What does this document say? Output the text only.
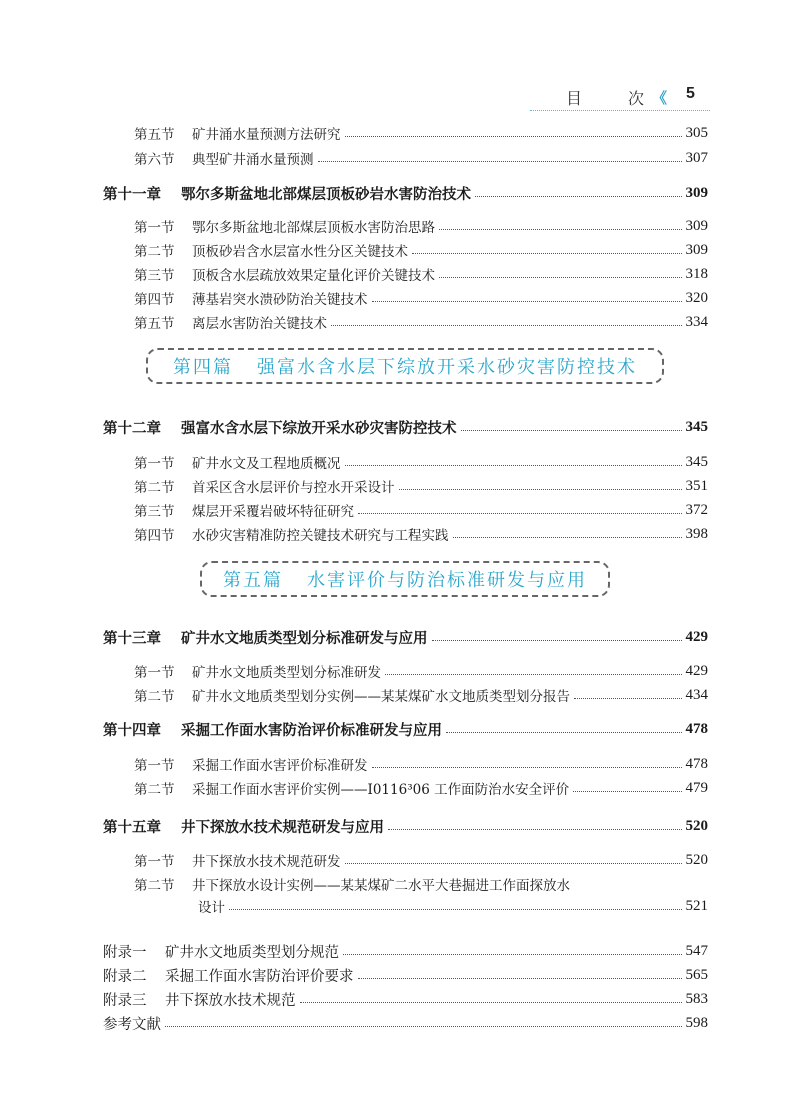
目	次 《 5
第五节	矿井涌水量预测方法研究	305
第六节	典型矿井涌水量预测	307
第十一章	鄂尔多斯盆地北部煤层顶板砂岩水害防治技术	309
第一节	鄂尔多斯盆地北部煤层顶板水害防治思路	309
第二节	顶板砂岩含水层富水性分区关键技术	309
第三节	顶板含水层疏放效果定量化评价关键技术	318
第四节	薄基岩突水溃砂防治关键技术	320
第五节	离层水害防治关键技术	334
第十二章	强富水含水层下综放开采水砂灾害防控技术	345
第一节	矿井水文及工程地质概况	345
第二节	首采区含水层评价与控水开采设计	351
第三节	煤层开采覆岩破坏特征研究	372
第四节	水砂灾害精准防控关键技术研究与工程实践	398
第十三章	矿井水文地质类型划分标准研发与应用	429
第一节	矿井水文地质类型划分标准研发	429
第二节	矿井水文地质类型划分实例——某某煤矿水文地质类型划分报告	434
第十四章	采掘工作面水害防治评价标准研发与应用	478
第一节	采掘工作面水害评价标准研发	478
第二节	采掘工作面水害评价实例——Ⅰ0116³06 工作面防治水安全评价	479
第十五章	井下探放水技术规范研发与应用	520
第一节	井下探放水技术规范研发	520
第二节	井下探放水设计实例——某某煤矿二水平大巷掘进工作面探放水
设计	521
附录一	矿井水文地质类型划分规范	547
附录二	采掘工作面水害防治评价要求	565
附录三	井下探放水技术规范	583
参考文献	598
第四篇 强富水含水层下综放开采水砂灾害防控技术
第五篇 水害评价与防治标准研发与应用
